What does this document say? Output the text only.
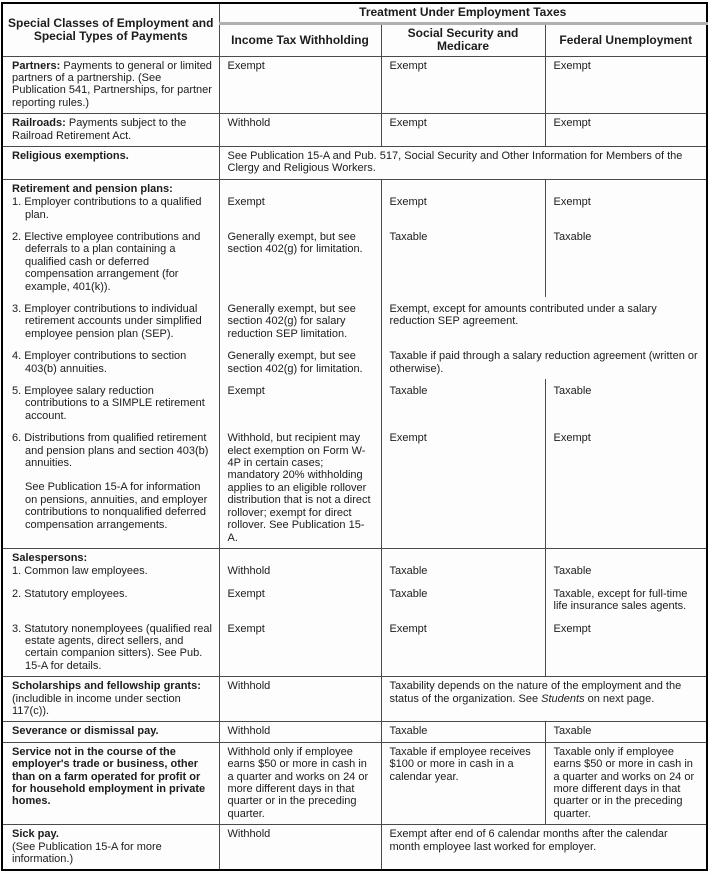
Special Classes of Employment and Special Types of Payments	Treatment Under Employment Taxes		
	Income Tax Withholding	Social Security and Medicare	Federal Unemployment

Partners: Payments to general or limited partners of a partnership. (See Publication 541, Partnerships, for partner reporting rules.)	Exempt	Exempt	Exempt

Railroads: Payments subject to the Railroad Retirement Act.	Withhold	Exempt	Exempt

Religious exemptions.	See Publication 15-A and Pub. 517, Social Security and Other Information for Members of the Clergy and Religious Workers.		
Retirement and pension plans:			

1. Employer contributions to a qualified plan.	Exempt	Exempt	Exempt

2. Elective employee contributions and deferrals to a plan containing a qualified cash or deferred compensation arrangement (for example, 401(k)).	Generally exempt, but see section 402(g) for limitation.	Taxable	Taxable

3. Employer contributions to individual retirement accounts under simplified employee pension plan (SEP).	Generally exempt, but see section 402(g) for salary reduction SEP limitation.	Exempt, except for amounts contributed under a salary reduction SEP agreement.	

4. Employer contributions to section 403(b) annuities.	Generally exempt, but see section 402(g) for limitation.	Taxable if paid through a salary reduction agreement (written or otherwise).	

5. Employee salary reduction contributions to a SIMPLE retirement account.	Exempt	Taxable	Taxable

6. Distributions from qualified retirement and pension plans and section 403(b) annuities.
See Publication 15-A for information on pensions, annuities, and employer contributions to nonqualified deferred compensation arrangements.
	Withhold, but recipient may elect exemption on Form W-4P in certain cases; mandatory 20% withholding applies to an eligible rollover distribution that is not a direct rollover; exempt for direct rollover. See Publication 15-A.	Exempt	Exempt
Salespersons:			

1. Common law employees.	Withhold	Taxable	Taxable

2. Statutory employees.	Exempt	Taxable	Taxable, except for full-time life insurance sales agents.

3. Statutory nonemployees (qualified real estate agents, direct sellers, and certain companion sitters). See Pub. 15-A for details.	Exempt	Exempt	Exempt

Scholarships and fellowship grants:
(includible in income under section 117(c)).	Withhold	Taxability depends on the nature of the employment and the status of the organization. See Students on next page.	

Severance or dismissal pay.	Withhold	Taxable	Taxable

Service not in the course of the employer's trade or business, other than on a farm operated for profit or for household employment in private homes.	Withhold only if employee earns $50 or more in cash in a quarter and works on 24 or more different days in that quarter or in the preceding quarter.	Taxable if employee receives $100 or more in cash in a calendar year.	Taxable only if employee earns $50 or more in cash in a quarter and works on 24 or more different days in that quarter or in the preceding quarter.

Sick pay.
(See Publication 15-A for more information.)	Withhold	Exempt after end of 6 calendar months after the calendar month employee last worked for employer.	
